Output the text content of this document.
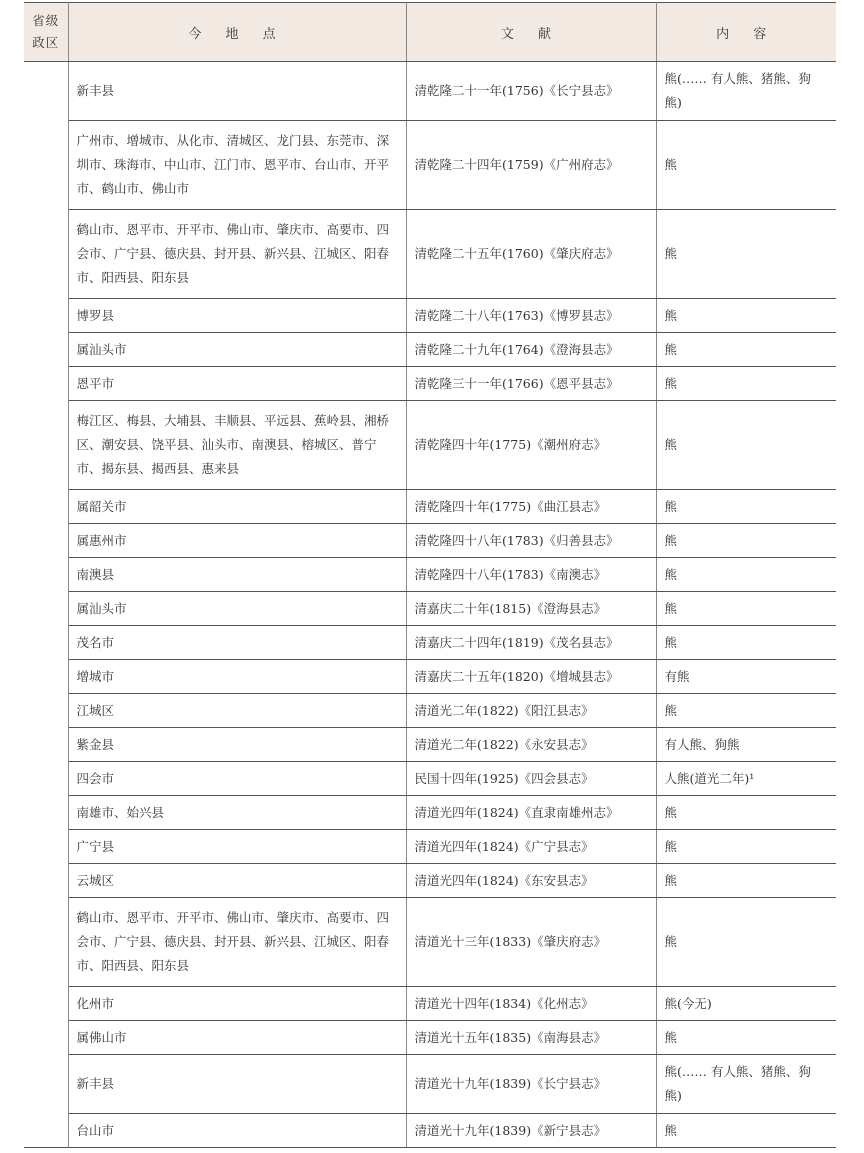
省级
政区	今 地 点	文 献	内 容
	新丰县	清乾隆二十一年(1756)《长宁县志》	熊(…… 有人熊、猪熊、狗熊)
	广州市、增城市、从化市、清城区、龙门县、东莞市、深圳市、珠海市、中山市、江门市、恩平市、台山市、开平市、鹤山市、佛山市	清乾隆二十四年(1759)《广州府志》	熊
	鹤山市、恩平市、开平市、佛山市、肇庆市、高要市、四会市、广宁县、德庆县、封开县、新兴县、江城区、阳春市、阳西县、阳东县	清乾隆二十五年(1760)《肇庆府志》	熊
	博罗县	清乾隆二十八年(1763)《博罗县志》	熊
	属汕头市	清乾隆二十九年(1764)《澄海县志》	熊
	恩平市	清乾隆三十一年(1766)《恩平县志》	熊
	梅江区、梅县、大埔县、丰顺县、平远县、蕉岭县、湘桥区、潮安县、饶平县、汕头市、南澳县、榕城区、普宁市、揭东县、揭西县、惠来县	清乾隆四十年(1775)《潮州府志》	熊
	属韶关市	清乾隆四十年(1775)《曲江县志》	熊
	属惠州市	清乾隆四十八年(1783)《归善县志》	熊
	南澳县	清乾隆四十八年(1783)《南澳志》	熊
	属汕头市	清嘉庆二十年(1815)《澄海县志》	熊
	茂名市	清嘉庆二十四年(1819)《茂名县志》	熊
	增城市	清嘉庆二十五年(1820)《增城县志》	有熊
	江城区	清道光二年(1822)《阳江县志》	熊
	紫金县	清道光二年(1822)《永安县志》	有人熊、狗熊
	四会市	民国十四年(1925)《四会县志》	人熊(道光二年)¹
	南雄市、始兴县	清道光四年(1824)《直隶南雄州志》	熊
	广宁县	清道光四年(1824)《广宁县志》	熊
	云城区	清道光四年(1824)《东安县志》	熊
	鹤山市、恩平市、开平市、佛山市、肇庆市、高要市、四会市、广宁县、德庆县、封开县、新兴县、江城区、阳春市、阳西县、阳东县	清道光十三年(1833)《肇庆府志》	熊
	化州市	清道光十四年(1834)《化州志》	熊(今无)
	属佛山市	清道光十五年(1835)《南海县志》	熊
	新丰县	清道光十九年(1839)《长宁县志》	熊(…… 有人熊、猪熊、狗熊)
	台山市	清道光十九年(1839)《新宁县志》	熊
